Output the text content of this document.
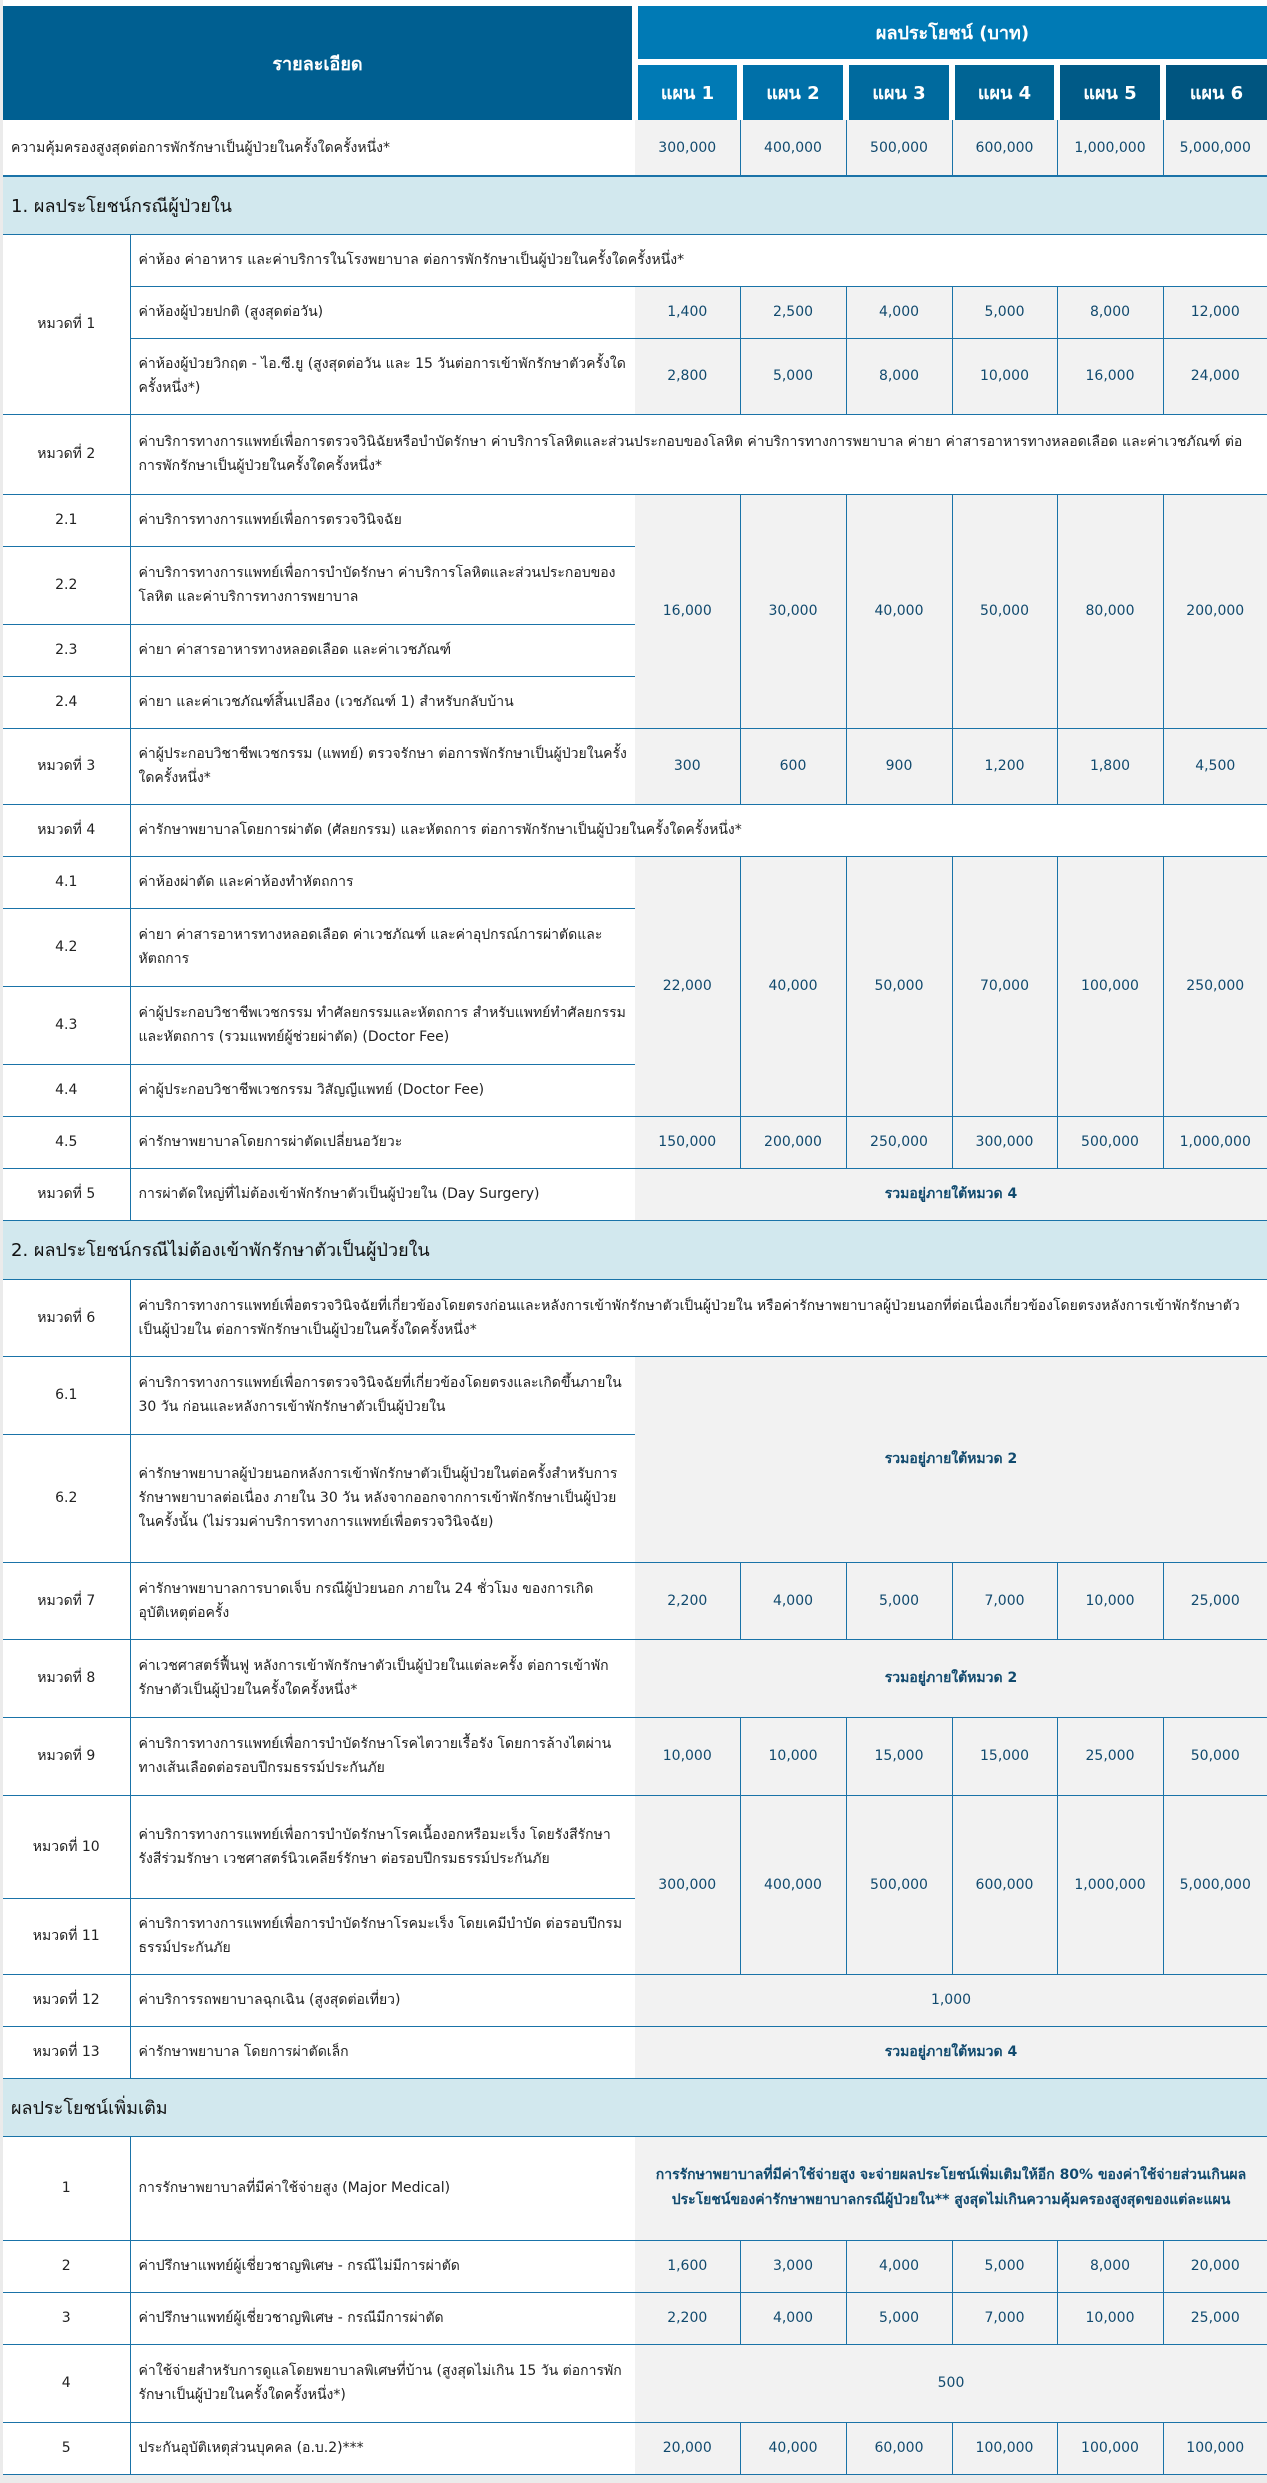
รายละเอียด		ผลประโยชน์ (บาท)					
		แผน 1	แผน 2	แผน 3	แผน 4	แผน 5	แผน 6
ความคุ้มครองสูงสุดต่อการพักรักษาเป็นผู้ป่วยในครั้งใดครั้งหนึ่ง*		300,000	400,000	500,000	600,000	1,000,000	5,000,000
1. ผลประโยชน์กรณีผู้ป่วยใน							
หมวดที่ 1	ค่าห้อง ค่าอาหาร และค่าบริการในโรงพยาบาล ต่อการพักรักษาเป็นผู้ป่วยในครั้งใดครั้งหนึ่ง*						
	ค่าห้องผู้ป่วยปกติ (สูงสุดต่อวัน)	1,400	2,500	4,000	5,000	8,000	12,000
	ค่าห้องผู้ป่วยวิกฤต - ไอ.ซี.ยู (สูงสุดต่อวัน และ 15 วันต่อการเข้าพักรักษาตัวครั้งใดครั้งหนึ่ง*)	2,800	5,000	8,000	10,000	16,000	24,000
หมวดที่ 2	ค่าบริการทางการแพทย์เพื่อการตรวจวินิฉัยหรือบำบัดรักษา ค่าบริการโลหิตและส่วนประกอบของโลหิต ค่าบริการทางการพยาบาล ค่ายา ค่าสารอาหารทางหลอดเลือด และค่าเวชภัณฑ์ ต่อการพักรักษาเป็นผู้ป่วยในครั้งใดครั้งหนึ่ง*						
2.1	ค่าบริการทางการแพทย์เพื่อการตรวจวินิจฉัย	16,000	30,000	40,000	50,000	80,000	200,000
2.2	ค่าบริการทางการแพทย์เพื่อการบำบัดรักษา ค่าบริการโลหิตและส่วนประกอบของโลหิต และค่าบริการทางการพยาบาล						
2.3	ค่ายา ค่าสารอาหารทางหลอดเลือด และค่าเวชภัณฑ์						
2.4	ค่ายา และค่าเวชภัณฑ์สิ้นเปลือง (เวชภัณฑ์ 1) สำหรับกลับบ้าน						
หมวดที่ 3	ค่าผู้ประกอบวิชาชีพเวชกรรม (แพทย์) ตรวจรักษา ต่อการพักรักษาเป็นผู้ป่วยในครั้งใดครั้งหนึ่ง*	300	600	900	1,200	1,800	4,500
หมวดที่ 4	ค่ารักษาพยาบาลโดยการผ่าตัด (ศัลยกรรม) และหัตถการ ต่อการพักรักษาเป็นผู้ป่วยในครั้งใดครั้งหนึ่ง*						
4.1	ค่าห้องผ่าตัด และค่าห้องทำหัตถการ	22,000	40,000	50,000	70,000	100,000	250,000
4.2	ค่ายา ค่าสารอาหารทางหลอดเลือด ค่าเวชภัณฑ์ และค่าอุปกรณ์การผ่าตัดและหัตถการ						
4.3	ค่าผู้ประกอบวิชาชีพเวชกรรม ทำศัลยกรรมและหัตถการ สำหรับแพทย์ทำศัลยกรรม และหัตถการ (รวมแพทย์ผู้ช่วยผ่าตัด) (Doctor Fee)						
4.4	ค่าผู้ประกอบวิชาชีพเวชกรรม วิสัญญีแพทย์ (Doctor Fee)						
4.5	ค่ารักษาพยาบาลโดยการผ่าตัดเปลี่ยนอวัยวะ	150,000	200,000	250,000	300,000	500,000	1,000,000
หมวดที่ 5	การผ่าตัดใหญ่ที่ไม่ต้องเข้าพักรักษาตัวเป็นผู้ป่วยใน (Day Surgery)	รวมอยู่ภายใต้หมวด 4					
2. ผลประโยชน์กรณีไม่ต้องเข้าพักรักษาตัวเป็นผู้ป่วยใน							
หมวดที่ 6	ค่าบริการทางการแพทย์เพื่อตรวจวินิจฉัยที่เกี่ยวข้องโดยตรงก่อนและหลังการเข้าพักรักษาตัวเป็นผู้ป่วยใน หรือค่ารักษาพยาบาลผู้ป่วยนอกที่ต่อเนื่องเกี่ยวข้องโดยตรงหลังการเข้าพักรักษาตัวเป็นผู้ป่วยใน ต่อการพักรักษาเป็นผู้ป่วยในครั้งใดครั้งหนึ่ง*						
6.1	ค่าบริการทางการแพทย์เพื่อการตรวจวินิจฉัยที่เกี่ยวข้องโดยตรงและเกิดขึ้นภายใน 30 วัน ก่อนและหลังการเข้าพักรักษาตัวเป็นผู้ป่วยใน	รวมอยู่ภายใต้หมวด 2					
6.2	ค่ารักษาพยาบาลผู้ป่วยนอกหลังการเข้าพักรักษาตัวเป็นผู้ป่วยในต่อครั้งสำหรับการรักษาพยาบาลต่อเนื่อง ภายใน 30 วัน หลังจากออกจากการเข้าพักรักษาเป็นผู้ป่วยในครั้งนั้น (ไม่รวมค่าบริการทางการแพทย์เพื่อตรวจวินิจฉัย)						
หมวดที่ 7	ค่ารักษาพยาบาลการบาดเจ็บ กรณีผู้ป่วยนอก ภายใน 24 ชั่วโมง ของการเกิดอุบัติเหตุต่อครั้ง	2,200	4,000	5,000	7,000	10,000	25,000
หมวดที่ 8	ค่าเวชศาสตร์ฟื้นฟู หลังการเข้าพักรักษาตัวเป็นผู้ป่วยในแต่ละครั้ง ต่อการเข้าพักรักษาตัวเป็นผู้ป่วยในครั้งใดครั้งหนึ่ง*	รวมอยู่ภายใต้หมวด 2					
หมวดที่ 9	ค่าบริการทางการแพทย์เพื่อการบำบัดรักษาโรคไตวายเรื้อรัง โดยการล้างไตผ่านทางเส้นเลือดต่อรอบปีกรมธรรม์ประกันภัย	10,000	10,000	15,000	15,000	25,000	50,000
หมวดที่ 10	ค่าบริการทางการแพทย์เพื่อการบำบัดรักษาโรคเนื้องอกหรือมะเร็ง โดยรังสีรักษา รังสีร่วมรักษา เวชศาสตร์นิวเคลียร์รักษา ต่อรอบปีกรมธรรม์ประกันภัย	300,000	400,000	500,000	600,000	1,000,000	5,000,000
หมวดที่ 11	ค่าบริการทางการแพทย์เพื่อการบำบัดรักษาโรคมะเร็ง โดยเคมีบำบัด ต่อรอบปีกรมธรรม์ประกันภัย						
หมวดที่ 12	ค่าบริการรถพยาบาลฉุกเฉิน (สูงสุดต่อเที่ยว)	1,000					
หมวดที่ 13	ค่ารักษาพยาบาล โดยการผ่าตัดเล็ก	รวมอยู่ภายใต้หมวด 4					
ผลประโยชน์เพิ่มเติม							
1	การรักษาพยาบาลที่มีค่าใช้จ่ายสูง (Major Medical)	การรักษาพยาบาลที่มีค่าใช้จ่ายสูง จะจ่ายผลประโยชน์เพิ่มเติมให้อีก 80% ของค่าใช้จ่ายส่วนเกินผลประโยชน์ของค่ารักษาพยาบาลกรณีผู้ป่วยใน** สูงสุดไม่เกินความคุ้มครองสูงสุดของแต่ละแผน					
2	ค่าปรึกษาแพทย์ผู้เชี่ยวชาญพิเศษ - กรณีไม่มีการผ่าตัด	1,600	3,000	4,000	5,000	8,000	20,000
3	ค่าปรึกษาแพทย์ผู้เชี่ยวชาญพิเศษ - กรณีมีการผ่าตัด	2,200	4,000	5,000	7,000	10,000	25,000
4	ค่าใช้จ่ายสำหรับการดูแลโดยพยาบาลพิเศษที่บ้าน (สูงสุดไม่เกิน 15 วัน ต่อการพักรักษาเป็นผู้ป่วยในครั้งใดครั้งหนึ่ง*)	500					
5	ประกันอุบัติเหตุส่วนบุคคล (อ.บ.2)***	20,000	40,000	60,000	100,000	100,000	100,000
